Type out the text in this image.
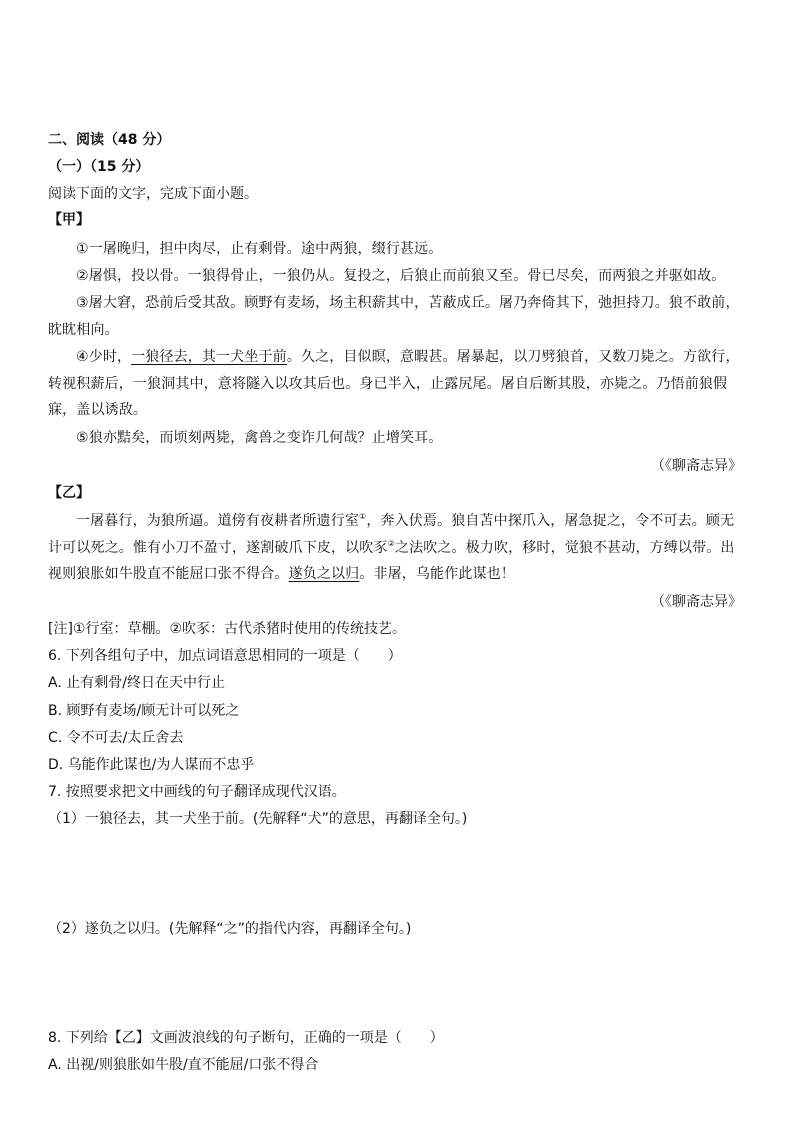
二、阅读（48 分）
（一）（15 分）
阅读下面的文字，完成下面小题。
【甲】
①一屠晚归，担中肉尽，止有剩骨。途中两狼，缀行甚远。
②屠惧，投以骨。一狼得骨止，一狼仍从。复投之，后狼止而前狼又至。骨已尽矣，而两狼之并驱如故。
③屠大窘，恐前后受其敌。顾野有麦场，场主积薪其中，苫蔽成丘。屠乃奔倚其下，弛担持刀。狼不敢前，眈眈相向。
④少时，一狼径去，其一犬坐于前。久之，目似瞑，意暇甚。屠暴起，以刀劈狼首，又数刀毙之。方欲行，转视积薪后，一狼洞其中，意将隧入以攻其后也。身已半入，止露尻尾。屠自后断其股，亦毙之。乃悟前狼假寐，盖以诱敌。
⑤狼亦黠矣，而顷刻两毙，禽兽之变诈几何哉？止增笑耳。
（《聊斋志异》
【乙】
一屠暮行，为狼所逼。道傍有夜耕者所遗行室①，奔入伏焉。狼自苫中探爪入，屠急捉之，令不可去。顾无计可以死之。惟有小刀不盈寸，遂割破爪下皮，以吹豕②之法吹之。极力吹，移时，觉狼不甚动，方缚以带。出视则狼胀如牛股直不能屈口张不得合。遂负之以归。非屠，乌能作此谋也！
（《聊斋志异》
[注]①行室：草棚。②吹豕：古代杀猪时使用的传统技艺。
6. 下列各组句子中，加点词语意思相同的一项是（　　）
A. 止有剩骨/终日在天中行止
B. 顾野有麦场/顾无计可以死之
C. 令不可去/太丘舍去
D. 乌能作此谋也/为人谋而不忠乎
7. 按照要求把文中画线的句子翻译成现代汉语。
（1）一狼径去，其一犬坐于前。(先解释“犬”的意思，再翻译全句。)
（2）遂负之以归。(先解释“之”的指代内容，再翻译全句。)
8. 下列给【乙】文画波浪线的句子断句，正确的一项是（　　）
A. 出视/则狼胀如牛股/直不能屈/口张不得合
